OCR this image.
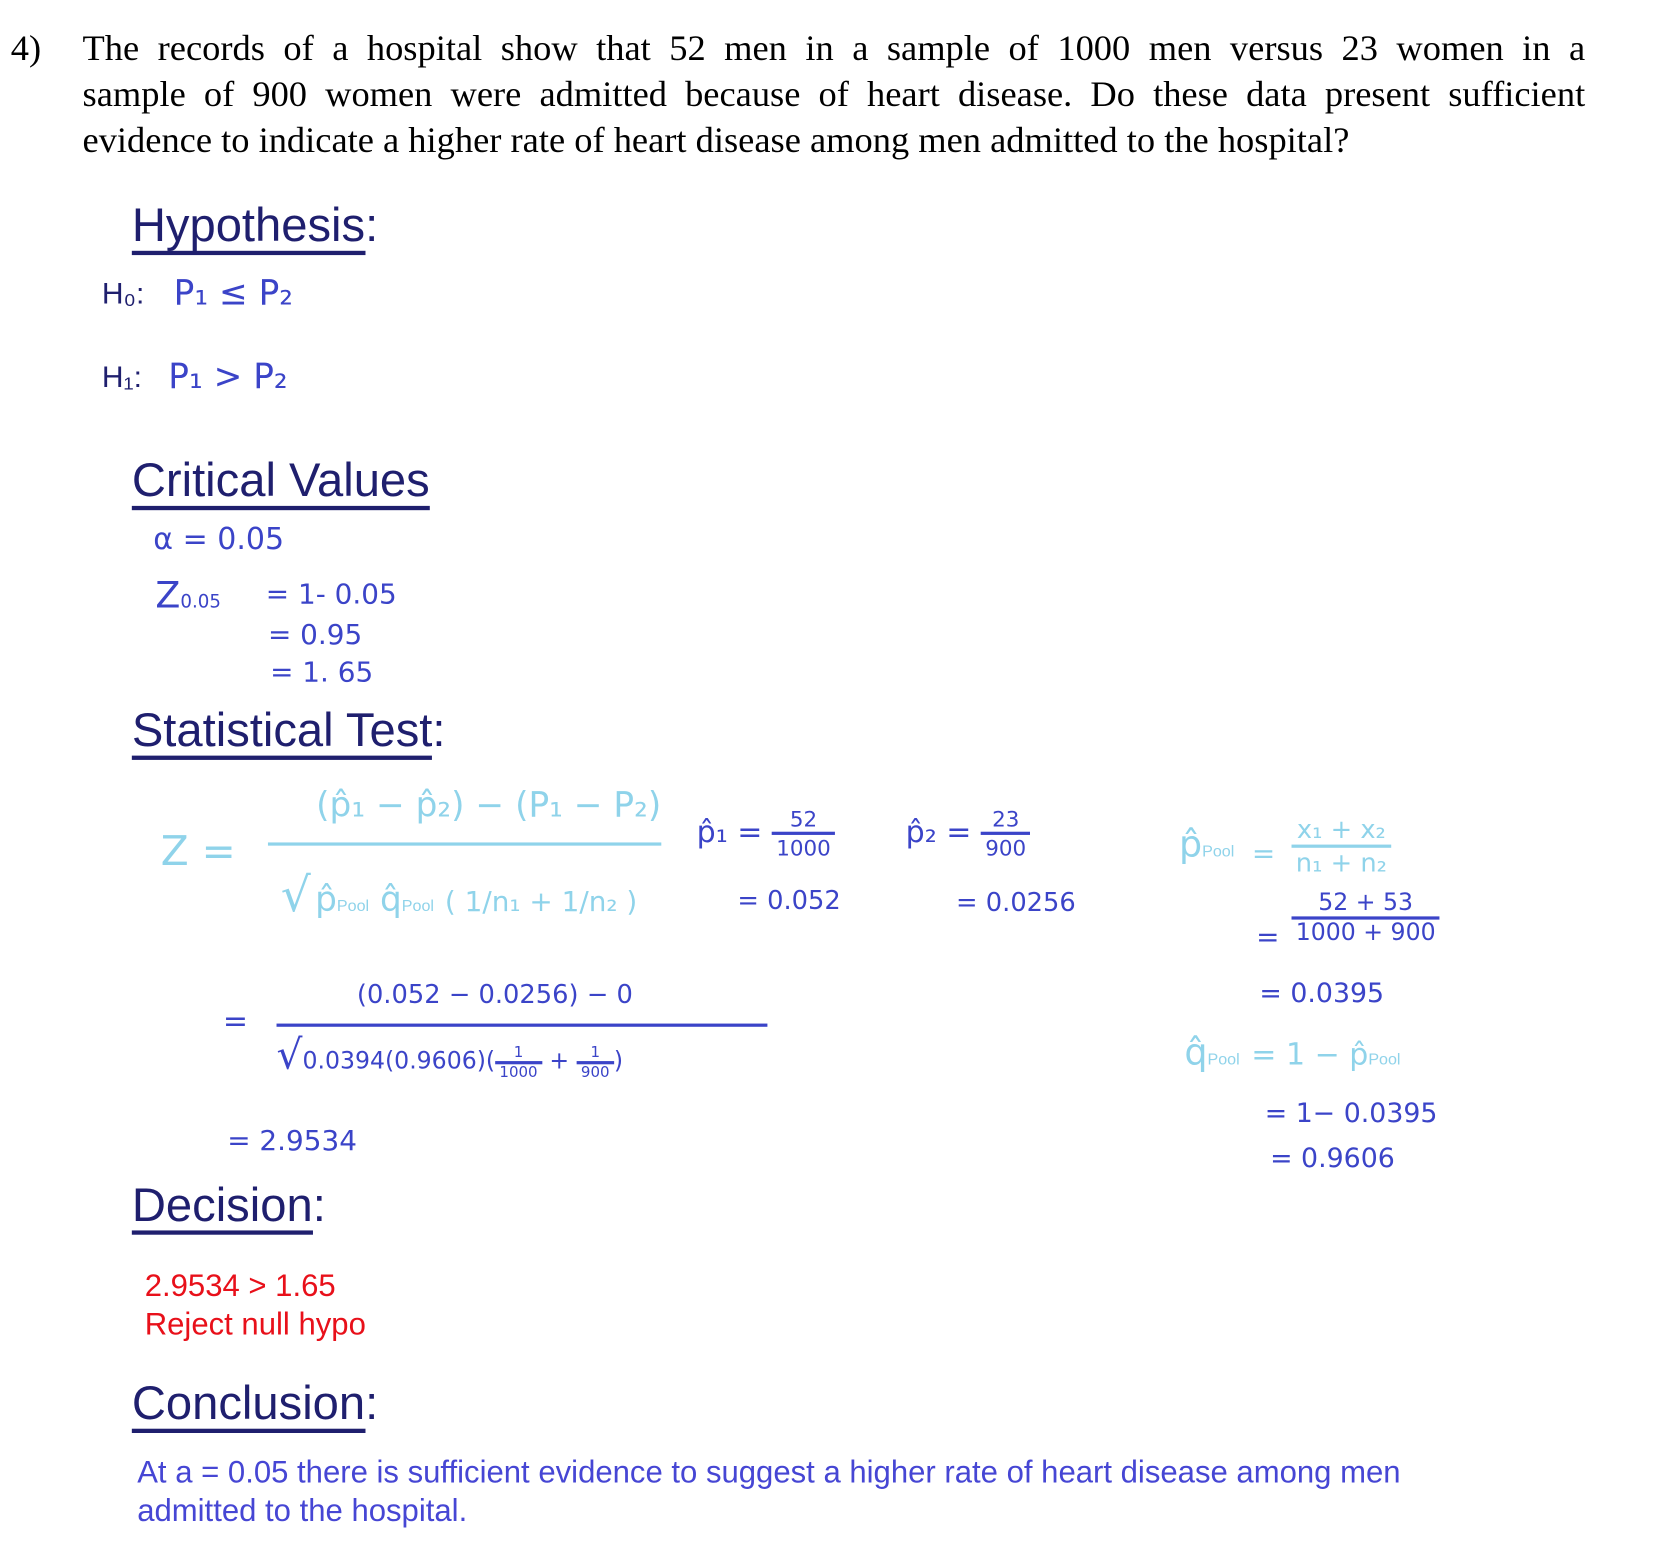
4) The records of a hospital show that 52 men in a sample of 1000 men versus 23 women in a
sample of 900 women were admitted because of heart disease. Do these data present sufficient
evidence to indicate a higher rate of heart disease among men admitted to the hospital?
Hypothesis:
H₀: P₁ ≤ P₂
H₁: P₁ > P₂
Critical Values
α = 0.05
Z0.05 = 1- 0.05
= 0.95
= 1. 65
Statistical Test:
Z =
(p̂₁ − p̂₂) − (P₁ − P₂)
√ p̂Pool q̂Pool ( 1/n₁ + 1/n₂ )
p̂₁ = $\frac{52}{1000}$
= 0.052
p̂₂ = $\frac{23}{900}$
= 0.0256
p̂Pool = $\frac{\text{x₁ + x₂}}{\text{n₁ + n₂}}$
= $\frac{52 + 53}{1000 + 900}$
= 0.0395
q̂Pool = 1 − p̂Pool
= 1− 0.0395
= 0.9606
=
(0.052 − 0.0256) − 0
$√0.0394(0.9606)( \frac{1}{1000} + \frac{1}{900}$ )
= 2.9534
Decision:
2.9534 > 1.65
Reject null hypo
Conclusion:
At a = 0.05 there is sufficient evidence to suggest a higher rate of heart disease among men
admitted to the hospital.
